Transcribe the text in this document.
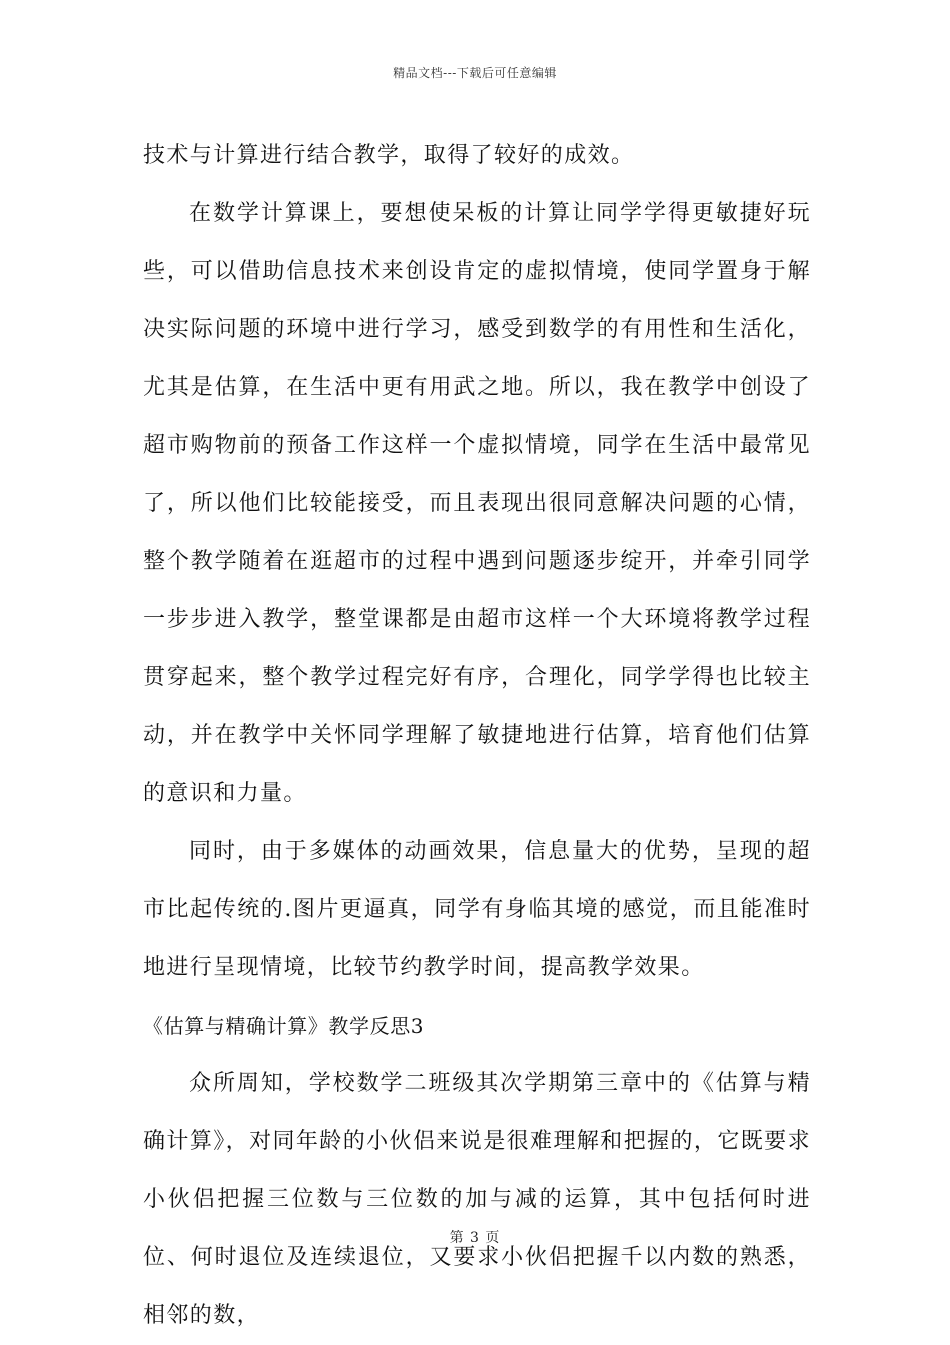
精品文档---下载后可任意编辑

技术与计算进行结合教学，取得了较好的成效。

在数学计算课上，要想使呆板的计算让同学学得更敏捷好玩些，可以借助信息技术来创设肯定的虚拟情境，使同学置身于解决实际问题的环境中进行学习，感受到数学的有用性和生活化，尤其是估算，在生活中更有用武之地。所以，我在教学中创设了超市购物前的预备工作这样一个虚拟情境，同学在生活中最常见了，所以他们比较能接受，而且表现出很同意解决问题的心情，整个教学随着在逛超市的过程中遇到问题逐步绽开，并牵引同学一步步进入教学，整堂课都是由超市这样一个大环境将教学过程贯穿起来，整个教学过程完好有序，合理化，同学学得也比较主动，并在教学中关怀同学理解了敏捷地进行估算，培育他们估算的意识和力量。

同时，由于多媒体的动画效果，信息量大的优势，呈现的超市比起传统的.图片更逼真，同学有身临其境的感觉，而且能准时地进行呈现情境，比较节约教学时间，提高教学效果。

《估算与精确计算》教学反思3

众所周知，学校数学二班级其次学期第三章中的《估算与精确计算》，对同年龄的小伙侣来说是很难理解和把握的，它既要求小伙侣把握三位数与三位数的加与减的运算，其中包括何时进位、何时退位及连续退位，又要求小伙侣把握千以内数的熟悉，相邻的数，

第 3 页
